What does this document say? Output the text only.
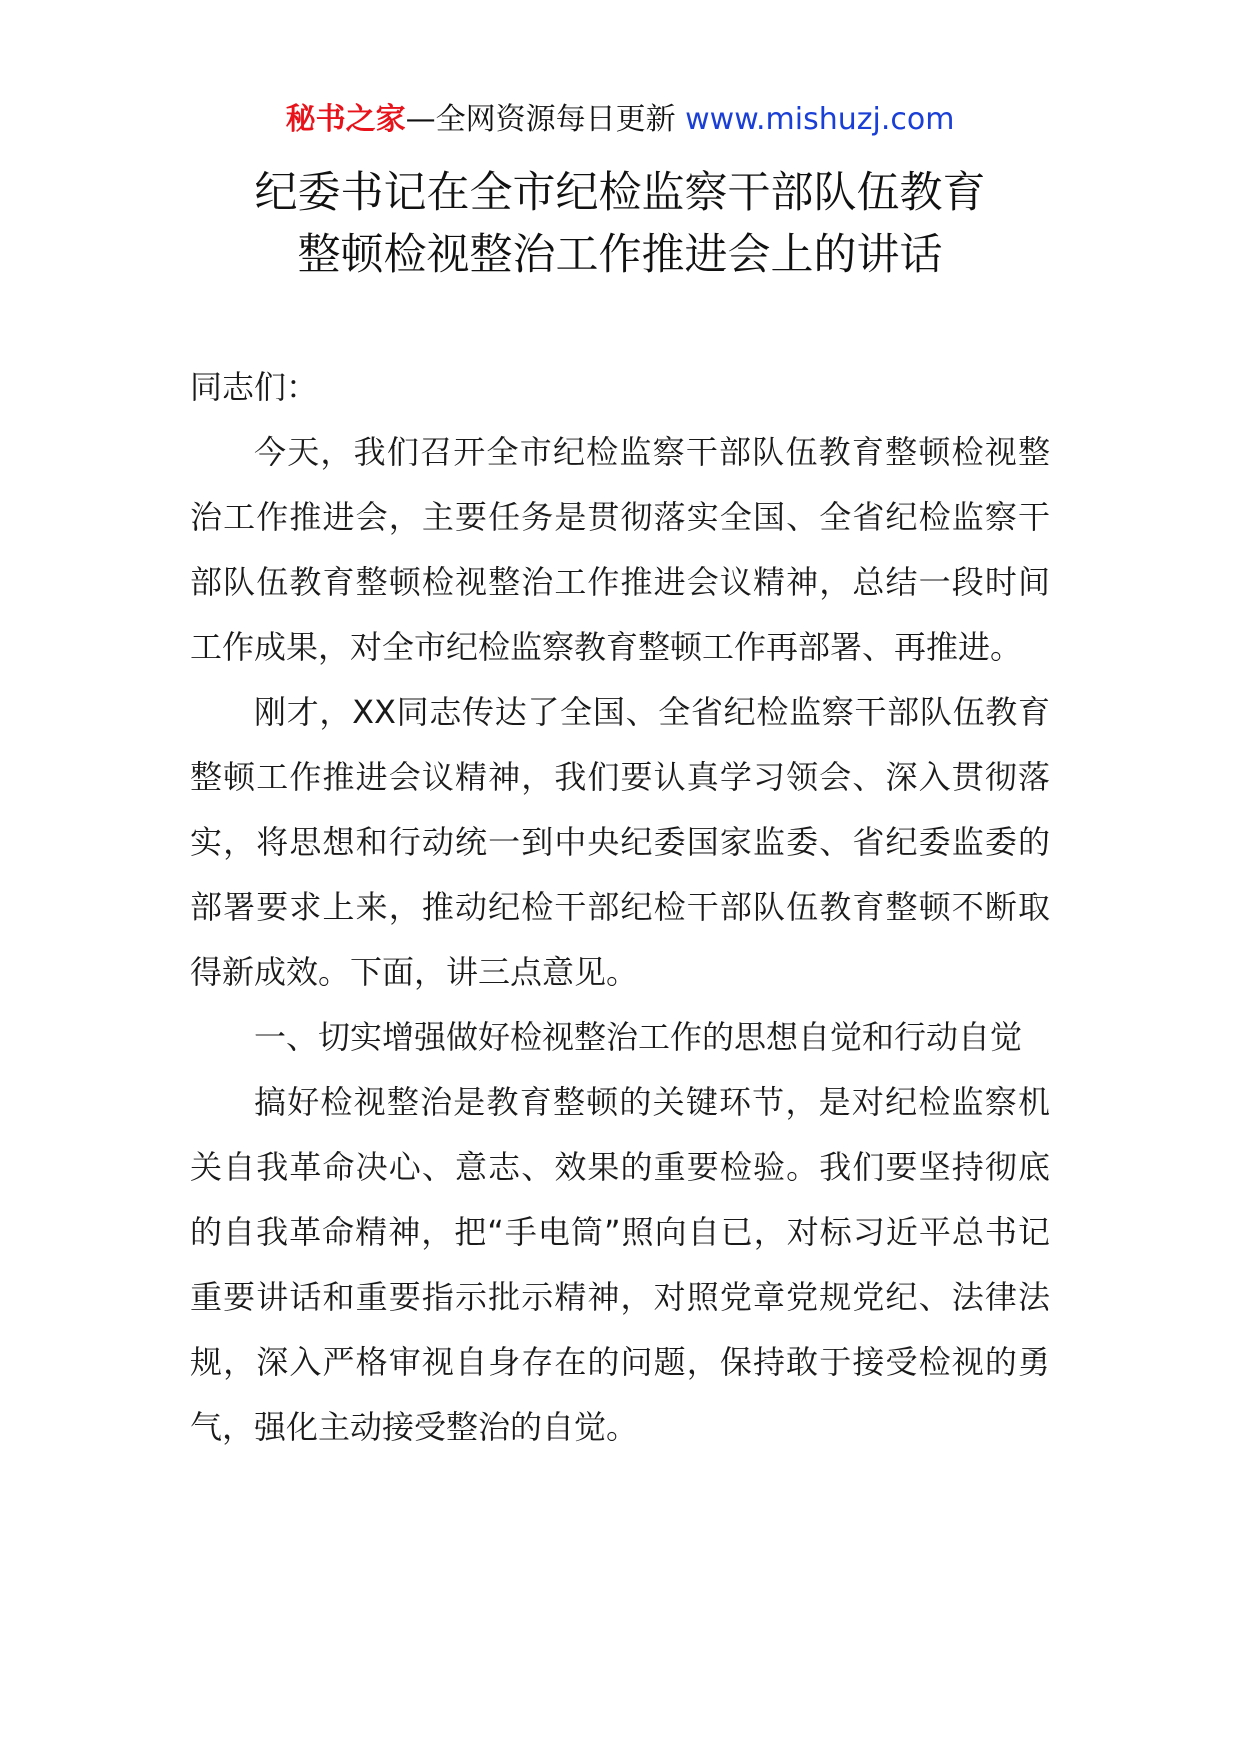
秘书之家—全网资源每日更新 www.mishuzj.com
纪委书记在全市纪检监察干部队伍教育
整顿检视整治工作推进会上的讲话

同志们：

今天，我们召开全市纪检监察干部队伍教育整顿检视整治工作推进会，主要任务是贯彻落实全国、全省纪检监察干部队伍教育整顿检视整治工作推进会议精神，总结一段时间工作成果，对全市纪检监察教育整顿工作再部署、再推进。

刚才，XX同志传达了全国、全省纪检监察干部队伍教育整顿工作推进会议精神，我们要认真学习领会、深入贯彻落实，将思想和行动统一到中央纪委国家监委、省纪委监委的部署要求上来，推动纪检干部纪检干部队伍教育整顿不断取得新成效。下面，讲三点意见。

一、切实增强做好检视整治工作的思想自觉和行动自觉

搞好检视整治是教育整顿的关键环节，是对纪检监察机关自我革命决心、意志、效果的重要检验。我们要坚持彻底的自我革命精神，把“手电筒”照向自已，对标习近平总书记重要讲话和重要指示批示精神，对照党章党规党纪、法律法规，深入严格审视自身存在的问题，保持敢于接受检视的勇气，强化主动接受整治的自觉。
